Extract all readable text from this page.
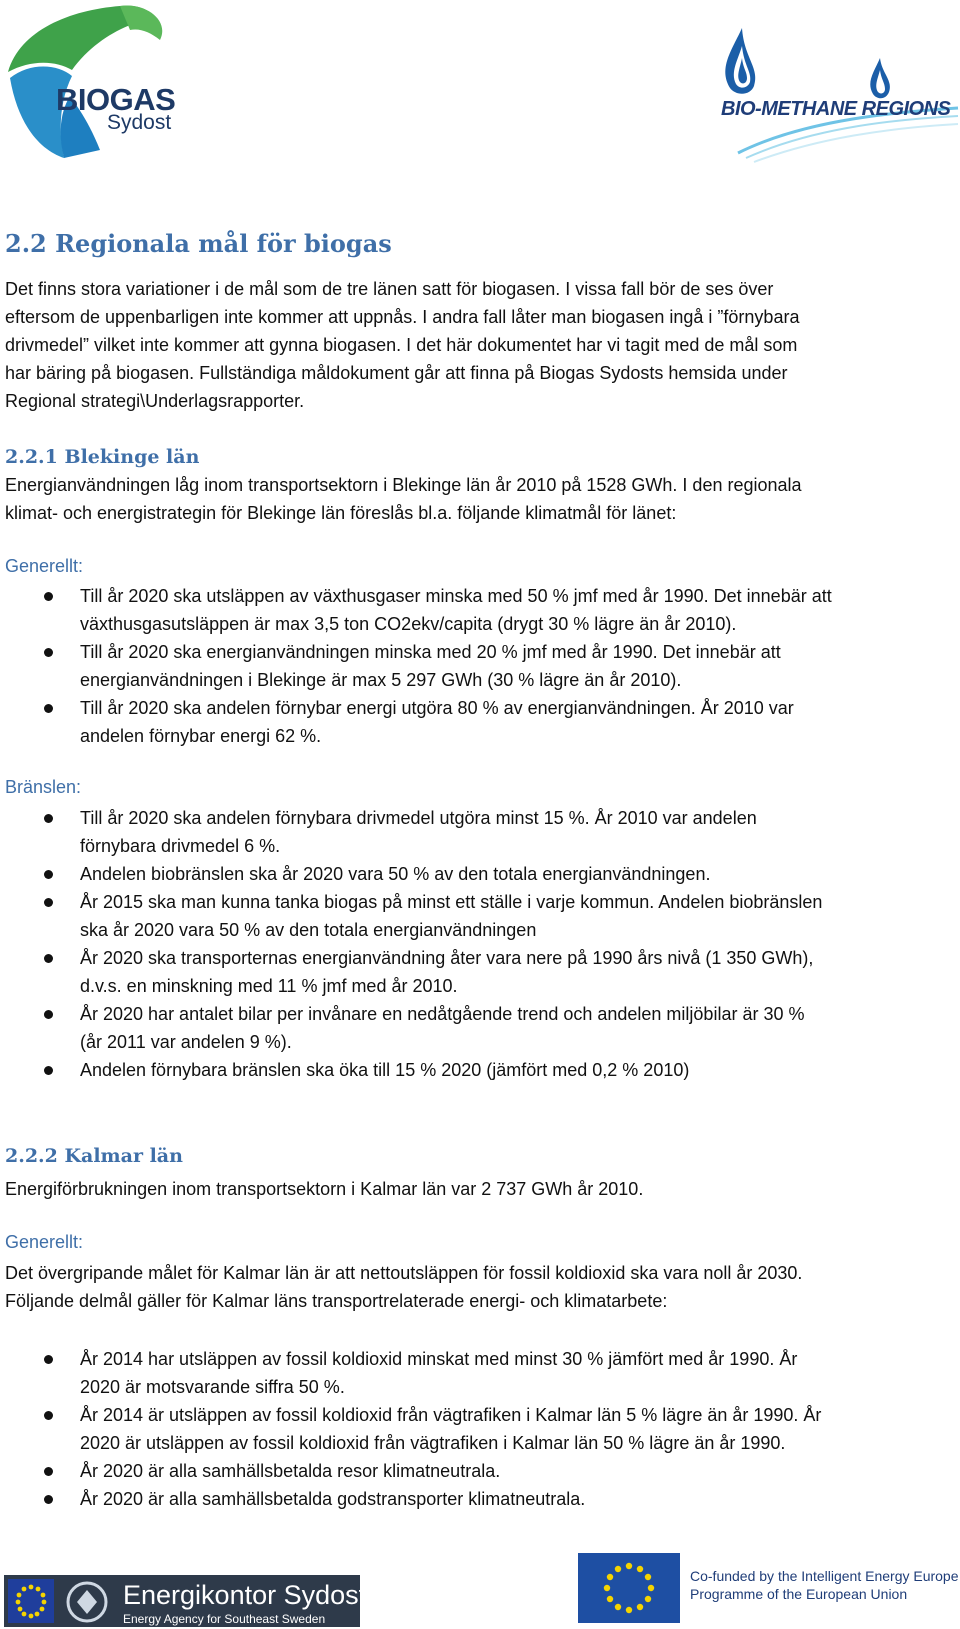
BIOGAS
Sydost
BIO-METHANE REGIONS
2.2 Regionala mål för biogas
Det finns stora variationer i de mål som de tre länen satt för biogasen. I vissa fall bör de ses över
eftersom de uppenbarligen inte kommer att uppnås. I andra fall låter man biogasen ingå i ”förnybara
drivmedel” vilket inte kommer att gynna biogasen. I det här dokumentet har vi tagit med de mål som
har bäring på biogasen. Fullständiga måldokument går att finna på Biogas Sydosts hemsida under
Regional strategi\Underlagsrapporter.
2.2.1 Blekinge län
Energianvändningen låg inom transportsektorn i Blekinge län år 2010 på 1528 GWh. I den regionala
klimat- och energistrategin för Blekinge län föreslås bl.a. följande klimatmål för länet:
Generellt:
Till år 2020 ska utsläppen av växthusgaser minska med 50 % jmf med år 1990. Det innebär att
växthusgasutsläppen är max 3,5 ton CO2ekv/capita (drygt 30 % lägre än år 2010).
Till år 2020 ska energianvändningen minska med 20 % jmf med år 1990. Det innebär att
energianvändningen i Blekinge är max 5 297 GWh (30 % lägre än år 2010).
Till år 2020 ska andelen förnybar energi utgöra 80 % av energianvändningen. År 2010 var
andelen förnybar energi 62 %.
Bränslen:
Till år 2020 ska andelen förnybara drivmedel utgöra minst 15 %. År 2010 var andelen
förnybara drivmedel 6 %.
Andelen biobränslen ska år 2020 vara 50 % av den totala energianvändningen.
År 2015 ska man kunna tanka biogas på minst ett ställe i varje kommun. Andelen biobränslen
ska år 2020 vara 50 % av den totala energianvändningen
År 2020 ska transporternas energianvändning åter vara nere på 1990 års nivå (1 350 GWh),
d.v.s. en minskning med 11 % jmf med år 2010.
År 2020 har antalet bilar per invånare en nedåtgående trend och andelen miljöbilar är 30 %
(år 2011 var andelen 9 %).
Andelen förnybara bränslen ska öka till 15 % 2020 (jämfört med 0,2 % 2010)
2.2.2 Kalmar län
Energiförbrukningen inom transportsektorn i Kalmar län var 2 737 GWh år 2010.
Generellt:
Det övergripande målet för Kalmar län är att nettoutsläppen för fossil koldioxid ska vara noll år 2030.
Följande delmål gäller för Kalmar läns transportrelaterade energi- och klimatarbete:
År 2014 har utsläppen av fossil koldioxid minskat med minst 30 % jämfört med år 1990. År
2020 är motsvarande siffra 50 %.
År 2014 är utsläppen av fossil koldioxid från vägtrafiken i Kalmar län 5 % lägre än år 1990. År
2020 är utsläppen av fossil koldioxid från vägtrafiken i Kalmar län 50 % lägre än år 1990.
År 2020 är alla samhällsbetalda resor klimatneutrala.
År 2020 är alla samhällsbetalda godstransporter klimatneutrala.
Energikontor Sydost
Energy Agency for Southeast Sweden
Co-funded by the Intelligent Energy Europe
Programme of the European Union
